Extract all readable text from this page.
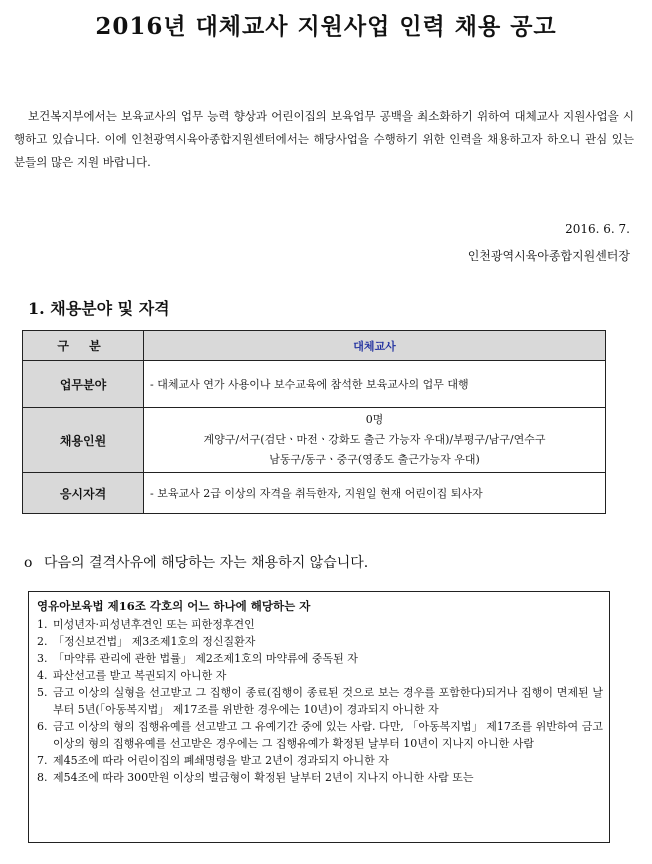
2016년 대체교사 지원사업 인력 채용 공고

보건복지부에서는 보육교사의 업무 능력 향상과 어린이집의 보육업무 공백을 최소화하기 위하여 대체교사 지원사업을 시행하고 있습니다. 이에 인천광역시육아종합지원센터에서는 해당사업을 수행하기 위한 인력을 채용하고자 하오니 관심 있는 분들의 많은 지원 바랍니다.

2016. 6. 7.
인천광역시육아종합지원센터장
1. 채용분야 및 자격
구 분	대체교사
업무분야	- 대체교사 연가 사용이나 보수교육에 참석한 보육교사의 업무 대행
채용인원	0명
계양구/서구(검단ㆍ마전ㆍ강화도 출근 가능자 우대)/부평구/남구/연수구
남동구/동구ㆍ중구(영종도 출근가능자 우대)

응시자격	- 보육교사 2급 이상의 자격을 취득한자, 지원일 현재 어린이집 퇴사자
o 다음의 결격사유에 해당하는 자는 채용하지 않습니다.
영유아보육법 제16조 각호의 어느 하나에 해당하는 자
1. 미성년자·피성년후견인 또는 피한정후견인
2. 「정신보건법」 제3조제1호의 정신질환자
3. 「마약류 관리에 관한 법률」 제2조제1호의 마약류에 중독된 자
4. 파산선고를 받고 복권되지 아니한 자
5. 금고 이상의 실형을 선고받고 그 집행이 종료(집행이 종료된 것으로 보는 경우를 포함한다)되거나 집행이 면제된 날부터 5년(「아동복지법」 제17조를 위반한 경우에는 10년)이 경과되지 아니한 자
6. 금고 이상의 형의 집행유예를 선고받고 그 유예기간 중에 있는 사람. 다만, 「아동복지법」 제17조를 위반하여 금고 이상의 형의 집행유예를 선고받은 경우에는 그 집행유예가 확정된 날부터 10년이 지나지 아니한 사람
7. 제45조에 따라 어린이집의 폐쇄명령을 받고 2년이 경과되지 아니한 자
8. 제54조에 따라 300만원 이상의 벌금형이 확정된 날부터 2년이 지나지 아니한 사람 또는
